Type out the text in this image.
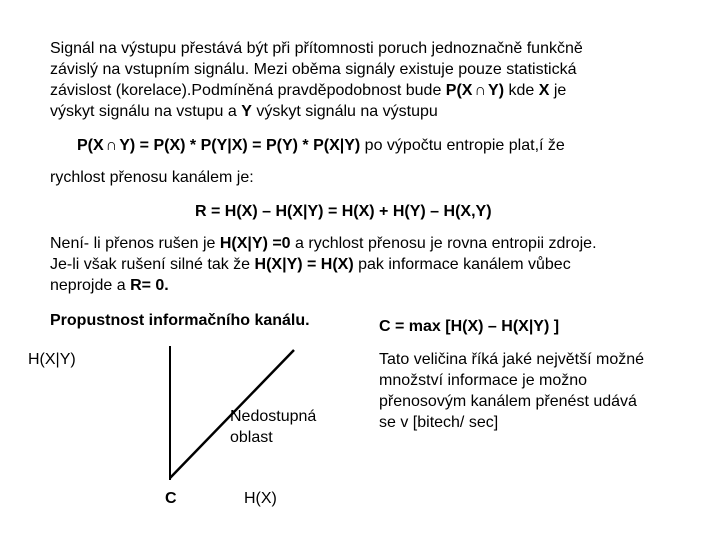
Signál na výstupu přestává být při přítomnosti poruch jednoznačně funkčně
závislý na vstupním signálu. Mezi oběma signály existuje pouze statistická
závislost (korelace).Podmíněná pravděpodobnost bude P(X ∩ Y) kde X je
výskyt signálu na vstupu a Y výskyt signálu na výstupu
P(X ∩ Y) = P(X) * P(Y|X) = P(Y) * P(X|Y) po výpočtu entropie plat,í že
rychlost přenosu kanálem je:
R = H(X) – H(X|Y) = H(X) + H(Y) – H(X,Y)
Není- li přenos rušen je H(X|Y) =0 a rychlost přenosu je rovna entropii zdroje.
Je-li však rušení silné tak že H(X|Y) = H(X) pak informace kanálem vůbec
neprojde a R= 0.
Propustnost informačního kanálu.	C = max [H(X) – H(X|Y) ]
Tato veličina říká jaké největší možné
množství informace je možno
přenosovým kanálem přenést udává
se v [bitech/ sec]
H(X|Y)
Nedostupná
oblast
C	H(X)
